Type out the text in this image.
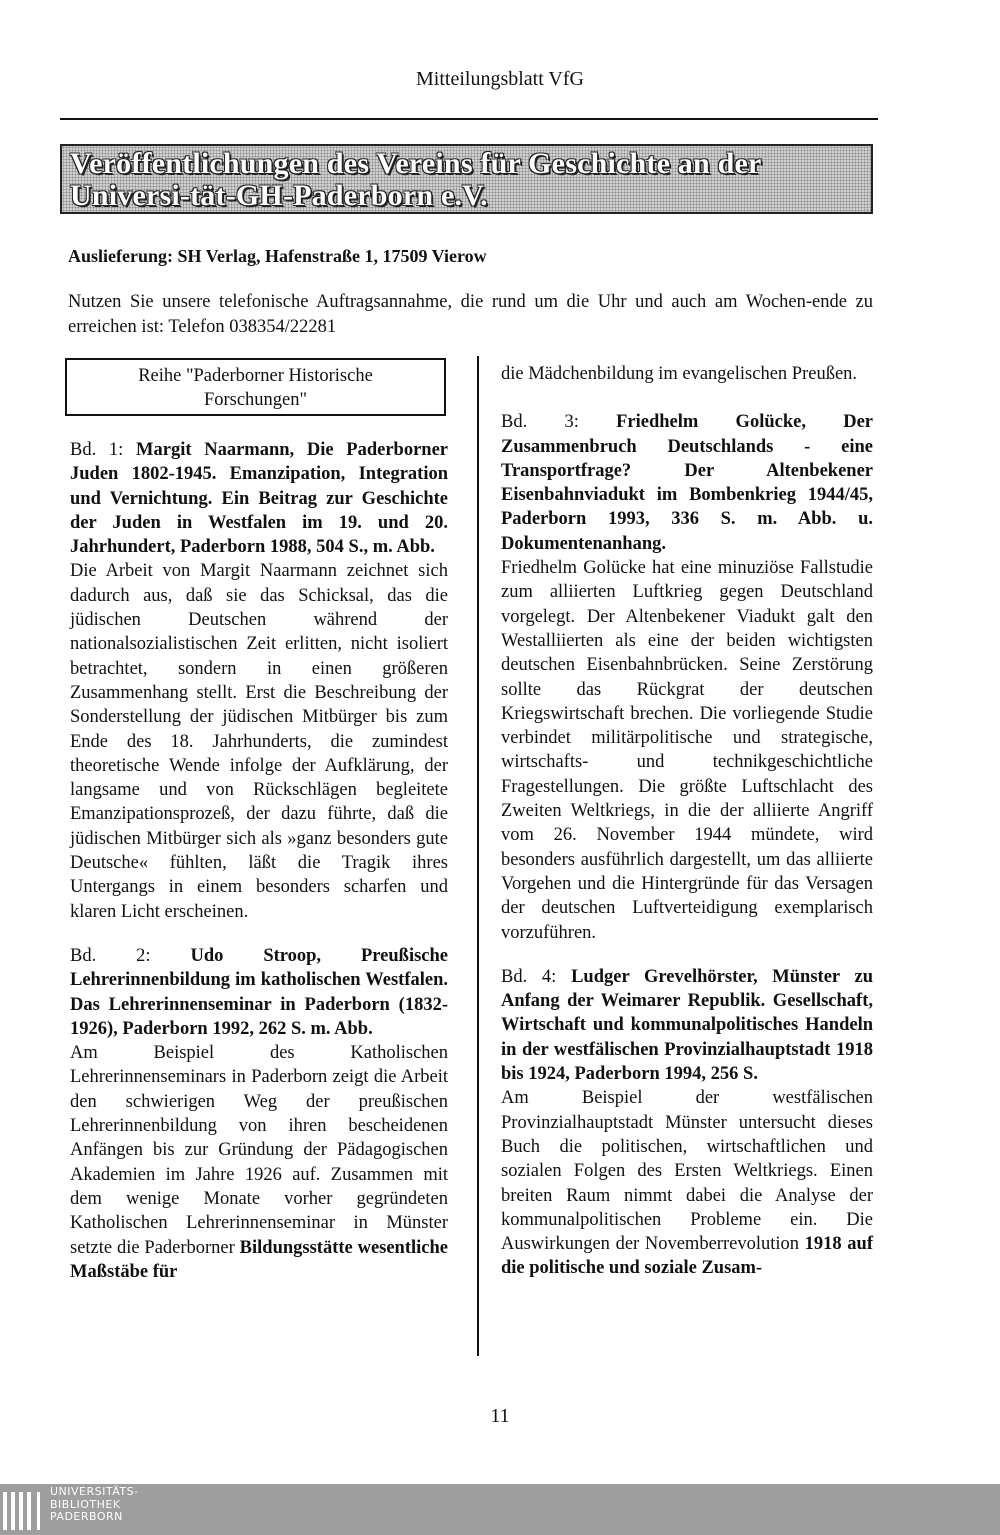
Mitteilungsblatt VfG
Veröffentlichungen des Vereins für Geschichte an der Universi-tät-GH-Paderborn e.V.
Auslieferung: SH Verlag, Hafenstraße 1, 17509 Vierow
Nutzen Sie unsere telefonische Auftragsannahme, die rund um die Uhr und auch am Wochen-ende zu erreichen ist: Telefon 038354/22281
Reihe "Paderborner Historische
Forschungen"

Bd. 1: Margit Naarmann, Die Paderborner Juden 1802-1945. Emanzipation, Integration und Vernichtung. Ein Beitrag zur Geschichte der Juden in Westfalen im 19. und 20. Jahrhundert, Paderborn 1988, 504 S., m. Abb.

Die Arbeit von Margit Naarmann zeichnet sich dadurch aus, daß sie das Schicksal, das die jüdischen Deutschen während der nationalsozialistischen Zeit erlitten, nicht isoliert betrachtet, sondern in einen größeren Zusammenhang stellt. Erst die Beschreibung der Sonderstellung der jüdischen Mitbürger bis zum Ende des 18. Jahrhunderts, die zumindest theoretische Wende infolge der Aufklärung, der langsame und von Rückschlägen begleitete Emanzipationsprozeß, der dazu führte, daß die jüdischen Mitbürger sich als »ganz besonders gute Deutsche« fühlten, läßt die Tragik ihres Untergangs in einem besonders scharfen und klaren Licht erscheinen.

Bd. 2: Udo Stroop, Preußische Lehrerinnenbildung im katholischen Westfalen. Das Lehrerinnenseminar in Paderborn (1832-1926), Paderborn 1992, 262 S. m. Abb.

Am Beispiel des Katholischen Lehrerinnenseminars in Paderborn zeigt die Arbeit den schwierigen Weg der preußischen Lehrerinnenbildung von ihren bescheidenen Anfängen bis zur Gründung der Pädagogischen Akademien im Jahre 1926 auf. Zusammen mit dem wenige Monate vorher gegründeten Katholischen Lehrerinnenseminar in Münster setzte die Paderborner Bildungsstätte wesentliche Maßstäbe für

die Mädchenbildung im evangelischen Preußen.

Bd. 3: Friedhelm Golücke, Der Zusammenbruch Deutschlands - eine Transportfrage? Der Altenbekener Eisenbahnviadukt im Bombenkrieg 1944/45, Paderborn 1993, 336 S. m. Abb. u. Dokumentenanhang.

Friedhelm Golücke hat eine minuziöse Fallstudie zum alliierten Luftkrieg gegen Deutschland vorgelegt. Der Altenbekener Viadukt galt den Westalliierten als eine der beiden wichtigsten deutschen Eisenbahnbrücken. Seine Zerstörung sollte das Rückgrat der deutschen Kriegswirtschaft brechen. Die vorliegende Studie verbindet militärpolitische und strategische, wirtschafts- und technikgeschichtliche Fragestellungen. Die größte Luftschlacht des Zweiten Weltkriegs, in die der alliierte Angriff vom 26. November 1944 mündete, wird besonders ausführlich dargestellt, um das alliierte Vorgehen und die Hintergründe für das Versagen der deutschen Luftverteidigung exemplarisch vorzuführen.

Bd. 4: Ludger Grevelhörster, Münster zu Anfang der Weimarer Republik. Gesellschaft, Wirtschaft und kommunalpolitisches Handeln in der westfälischen Provinzialhauptstadt 1918 bis 1924, Paderborn 1994, 256 S.

Am Beispiel der westfälischen Provinzialhauptstadt Münster untersucht dieses Buch die politischen, wirtschaftlichen und sozialen Folgen des Ersten Weltkriegs. Einen breiten Raum nimmt dabei die Analyse der kommunalpolitischen Probleme ein. Die Auswirkungen der Novemberrevolution 1918 auf die politische und soziale Zusam-

11
UNIVERSITÄTS-
BIBLIOTHEK
PADERBORN
